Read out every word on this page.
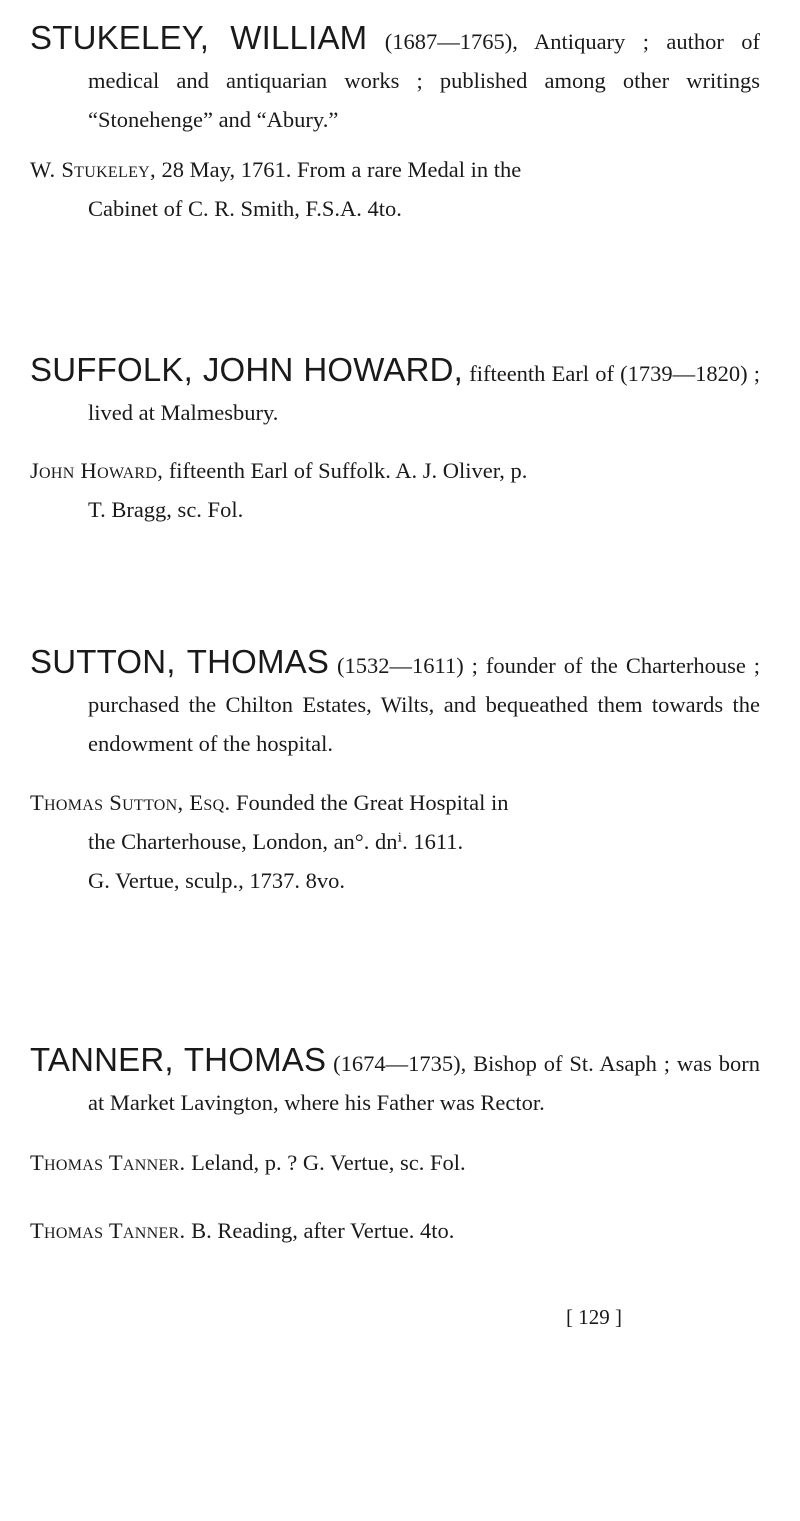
STUKELEY, WILLIAM (1687—1765), Antiquary ; author of medical and antiquarian works ; published among other writings “Stonehenge” and “Abury.”

W. Stukeley, 28 May, 1761. From a rare Medal in the
Cabinet of C. R. Smith, F.S.A. 4to.

SUFFOLK, JOHN HOWARD, fifteenth Earl of (1739—1820) ; lived at Malmesbury.

John Howard, fifteenth Earl of Suffolk. A. J. Oliver, p.
T. Bragg, sc. Fol.

SUTTON, THOMAS (1532—1611) ; founder of the Charterhouse ; purchased the Chilton Estates, Wilts, and bequeathed them towards the endowment of the hospital.

Thomas Sutton, Esq. Founded the Great Hospital in
the Charterhouse, London, an°. dnⁱ. 1611.
G. Vertue, sculp., 1737. 8vo.

TANNER, THOMAS (1674—1735), Bishop of St. Asaph ; was born at Market Lavington, where his Father was Rector.

Thomas Tanner. Leland, p. ? G. Vertue, sc. Fol.

Thomas Tanner. B. Reading, after Vertue. 4to.

[ 129 ]
